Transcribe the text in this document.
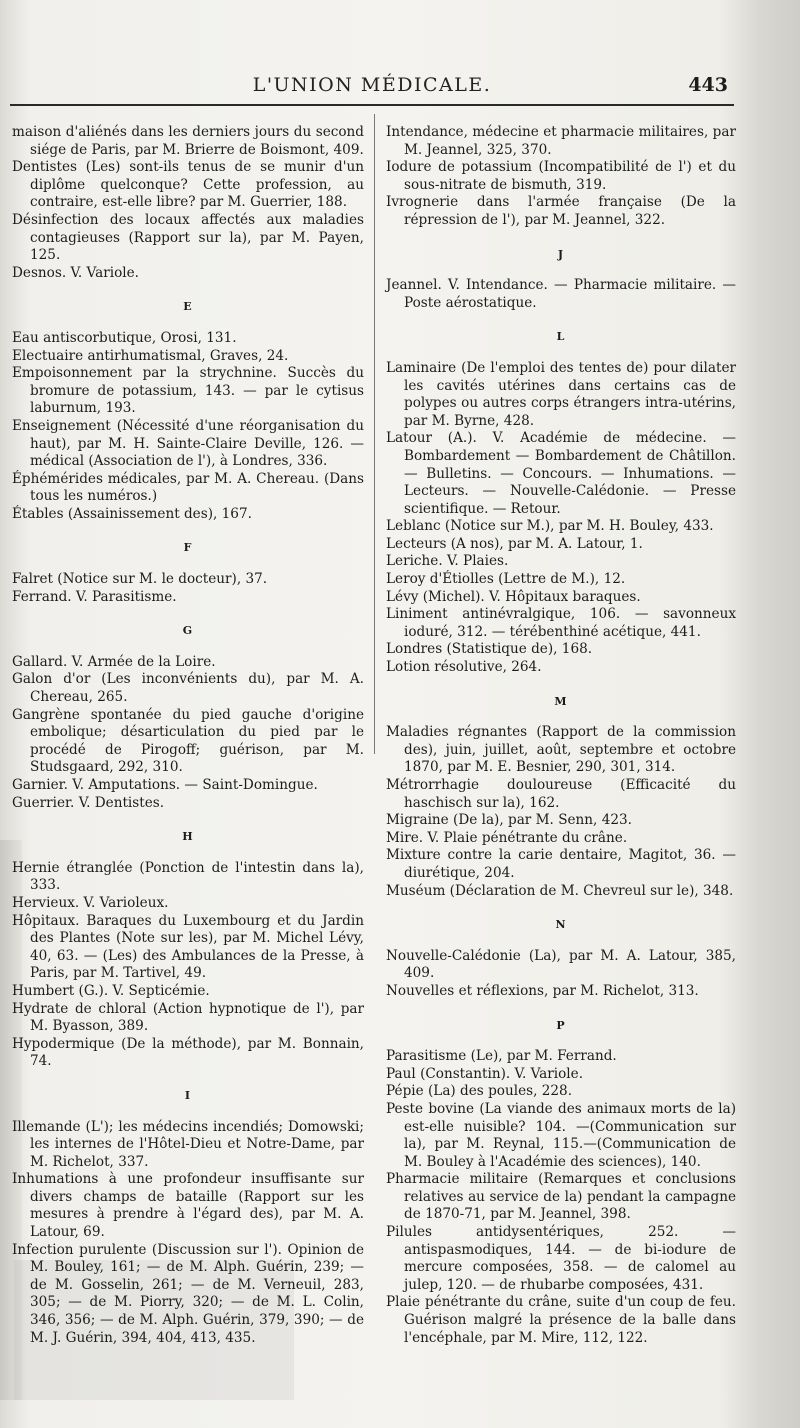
L'UNION MÉDICALE.	443

maison d'aliénés dans les derniers jours du second siége de Paris, par M. Brierre de Boismont, 409.

Dentistes (Les) sont-ils tenus de se munir d'un diplôme quelconque? Cette profession, au contraire, est-elle libre? par M. Guerrier, 188.

Désinfection des locaux affectés aux maladies contagieuses (Rapport sur la), par M. Payen, 125.

Desnos. V. Variole.

E

Eau antiscorbutique, Orosi, 131.

Electuaire antirhumatismal, Graves, 24.

Empoisonnement par la strychnine. Succès du bromure de potassium, 143. — par le cytisus laburnum, 193.

Enseignement (Nécessité d'une réorganisation du haut), par M. H. Sainte-Claire Deville, 126. — médical (Association de l'), à Londres, 336.

Éphémérides médicales, par M. A. Chereau. (Dans tous les numéros.)

Étables (Assainissement des), 167.

F

Falret (Notice sur M. le docteur), 37.

Ferrand. V. Parasitisme.

G

Gallard. V. Armée de la Loire.

Galon d'or (Les inconvénients du), par M. A. Chereau, 265.

Gangrène spontanée du pied gauche d'origine embolique; désarticulation du pied par le procédé de Pirogoff; guérison, par M. Studsgaard, 292, 310.

Garnier. V. Amputations. — Saint-Domingue.

Guerrier. V. Dentistes.

H

Hernie étranglée (Ponction de l'intestin dans la), 333.

Hervieux. V. Varioleux.

Hôpitaux. Baraques du Luxembourg et du Jardin des Plantes (Note sur les), par M. Michel Lévy, 40, 63. — (Les) des Ambulances de la Presse, à Paris, par M. Tartivel, 49.

Humbert (G.). V. Septicémie.

Hydrate de chloral (Action hypnotique de l'), par M. Byasson, 389.

Hypodermique (De la méthode), par M. Bonnain, 74.

I

Illemande (L'); les médecins incendiés; Domowski; les internes de l'Hôtel-Dieu et Notre-Dame, par M. Richelot, 337.

Inhumations à une profondeur insuffisante sur divers champs de bataille (Rapport sur les mesures à prendre à l'égard des), par M. A. Latour, 69.

Infection purulente (Discussion sur l'). Opinion de M. Bouley, 161; — de M. Alph. Guérin, 239; — de M. Gosselin, 261; — de M. Verneuil, 283, 305; — de M. Piorry, 320; — de M. L. Colin, 346, 356; — de M. Alph. Guérin, 379, 390; — de M. J. Guérin, 394, 404, 413, 435.

Intendance, médecine et pharmacie militaires, par M. Jeannel, 325, 370.

Iodure de potassium (Incompatibilité de l') et du sous-nitrate de bismuth, 319.

Ivrognerie dans l'armée française (De la répression de l'), par M. Jeannel, 322.

J

Jeannel. V. Intendance. — Pharmacie militaire. — Poste aérostatique.

L

Laminaire (De l'emploi des tentes de) pour dilater les cavités utérines dans certains cas de polypes ou autres corps étrangers intra-utérins, par M. Byrne, 428.

Latour (A.). V. Académie de médecine. — Bombardement — Bombardement de Châtillon. — Bulletins. — Concours. — Inhumations. — Lecteurs. — Nouvelle-Calédonie. — Presse scientifique. — Retour.

Leblanc (Notice sur M.), par M. H. Bouley, 433.

Lecteurs (A nos), par M. A. Latour, 1.

Leriche. V. Plaies.

Leroy d'Étiolles (Lettre de M.), 12.

Lévy (Michel). V. Hôpitaux baraques.

Liniment antinévralgique, 106. — savonneux ioduré, 312. — térébenthiné acétique, 441.

Londres (Statistique de), 168.

Lotion résolutive, 264.

M

Maladies régnantes (Rapport de la commission des), juin, juillet, août, septembre et octobre 1870, par M. E. Besnier, 290, 301, 314.

Métrorrhagie douloureuse (Efficacité du haschisch sur la), 162.

Migraine (De la), par M. Senn, 423.

Mire. V. Plaie pénétrante du crâne.

Mixture contre la carie dentaire, Magitot, 36. — diurétique, 204.

Muséum (Déclaration de M. Chevreul sur le), 348.

N

Nouvelle-Calédonie (La), par M. A. Latour, 385, 409.

Nouvelles et réflexions, par M. Richelot, 313.

P

Parasitisme (Le), par M. Ferrand.

Paul (Constantin). V. Variole.

Pépie (La) des poules, 228.

Peste bovine (La viande des animaux morts de la) est-elle nuisible? 104. —(Communication sur la), par M. Reynal, 115.—(Communication de M. Bouley à l'Académie des sciences), 140.

Pharmacie militaire (Remarques et conclusions relatives au service de la) pendant la campagne de 1870-71, par M. Jeannel, 398.

Pilules antidysentériques, 252. — antispasmodiques, 144. — de bi-iodure de mercure composées, 358. — de calomel au julep, 120. — de rhubarbe composées, 431.

Plaie pénétrante du crâne, suite d'un coup de feu. Guérison malgré la présence de la balle dans l'encéphale, par M. Mire, 112, 122.
